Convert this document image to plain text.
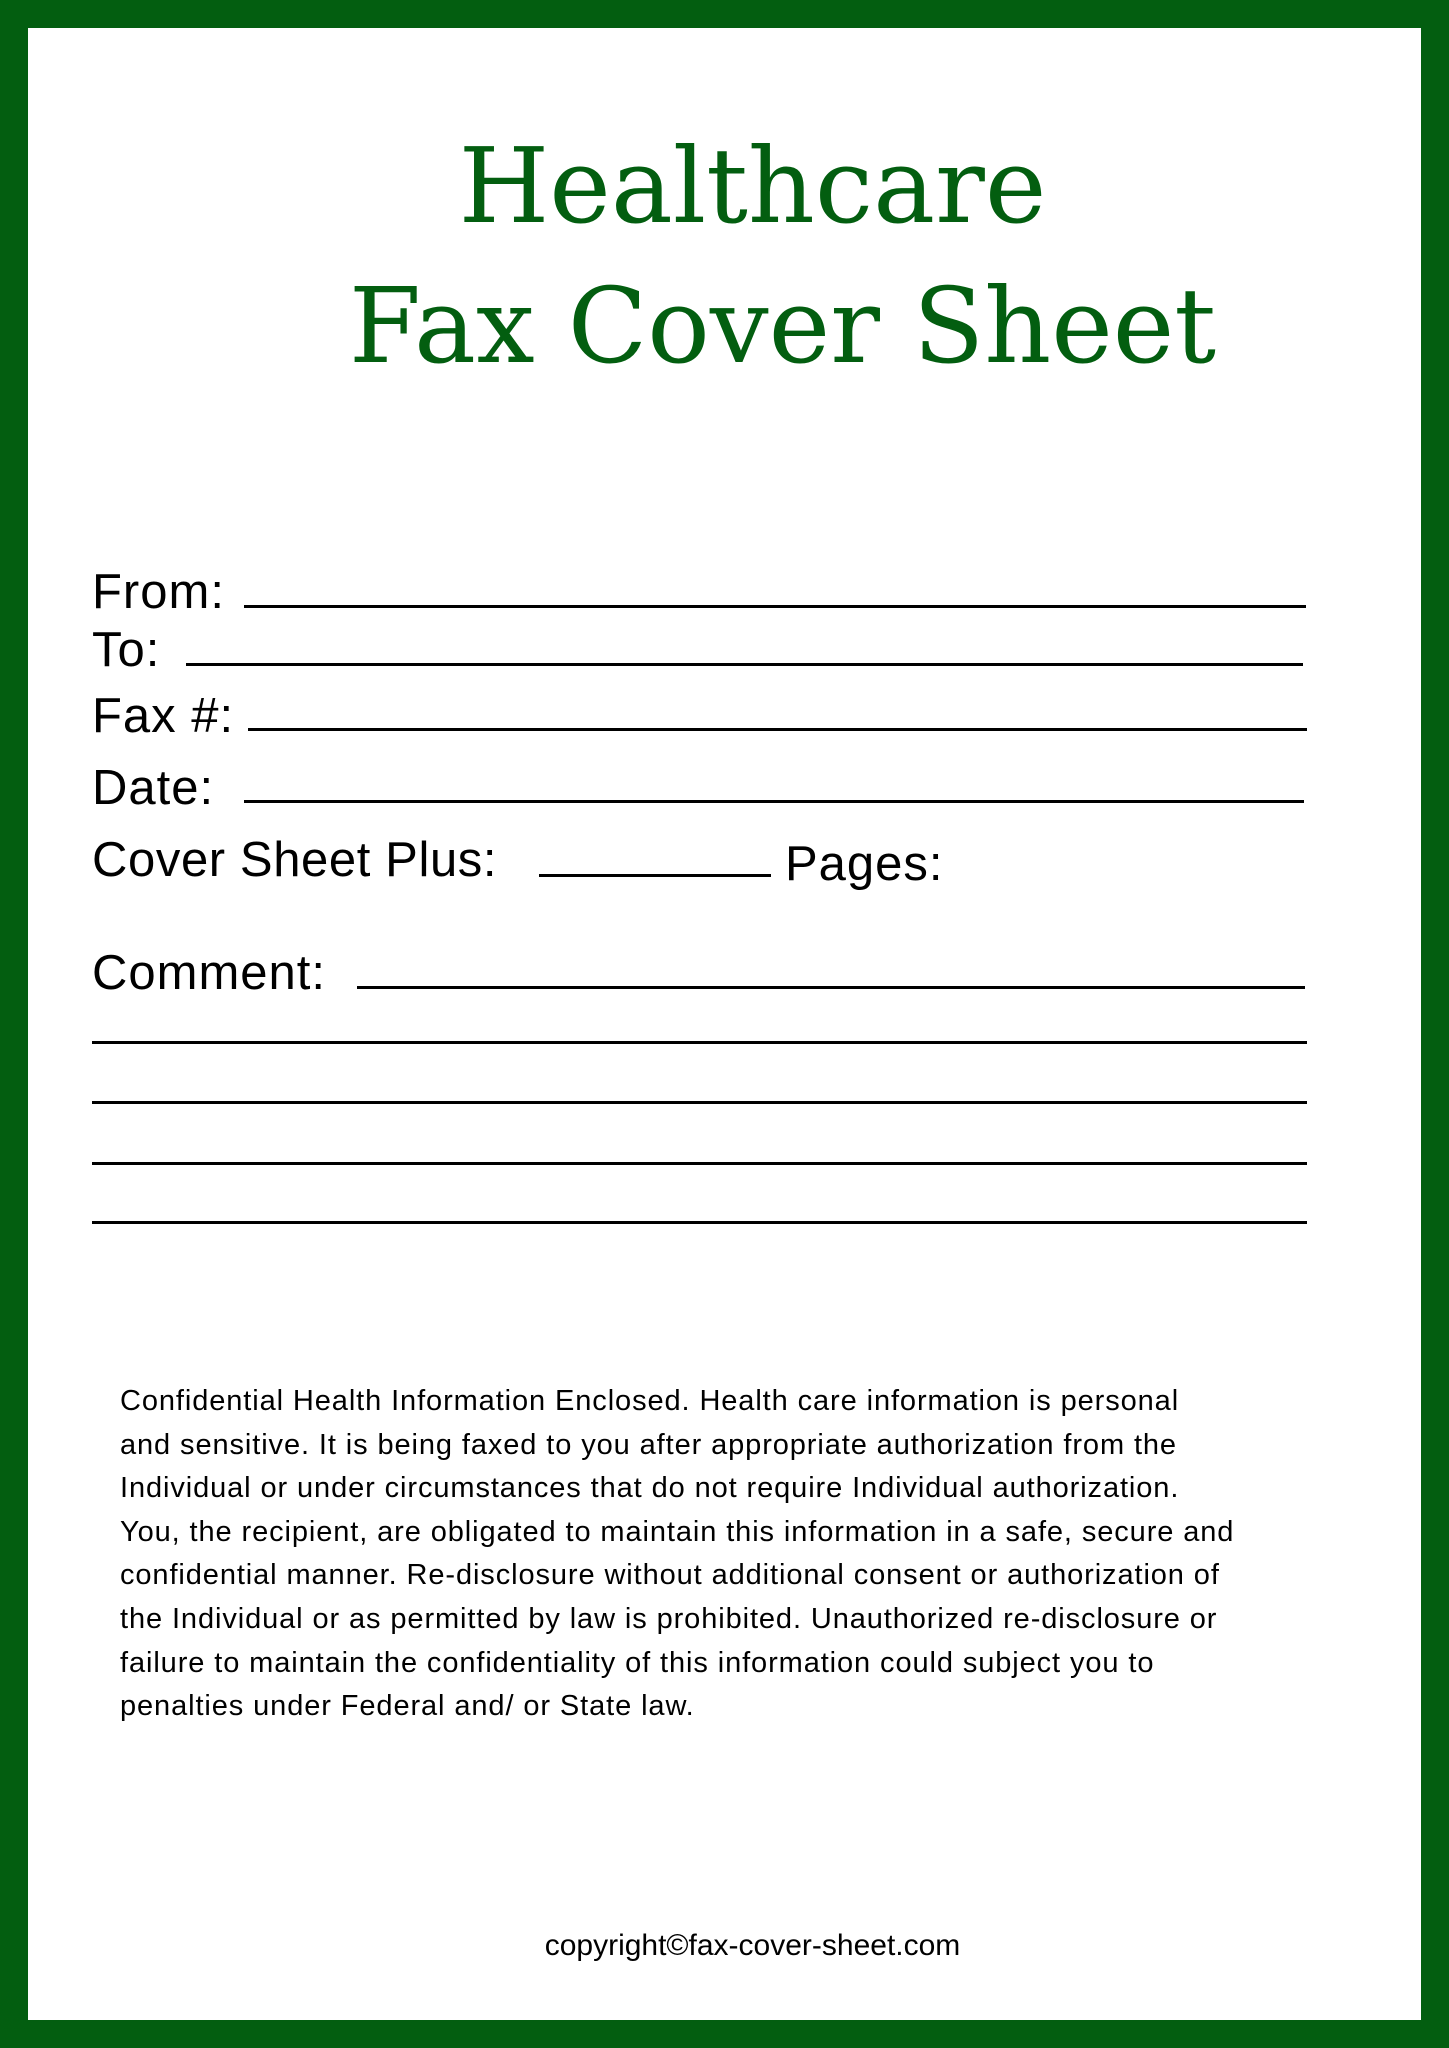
Healthcare
Fax Cover Sheet
From:
To:
Fax #:
Date:
Cover Sheet Plus:	Pages:
Comment:
Confidential Health Information Enclosed. Health care information is personal
and sensitive. It is being faxed to you after appropriate authorization from the
Individual or under circumstances that do not require Individual authorization.
You, the recipient, are obligated to maintain this information in a safe, secure and
confidential manner. Re-disclosure without additional consent or authorization of
the Individual or as permitted by law is prohibited. Unauthorized re-disclosure or
failure to maintain the confidentiality of this information could subject you to
penalties under Federal and/ or State law.
copyright©fax-cover-sheet.com
